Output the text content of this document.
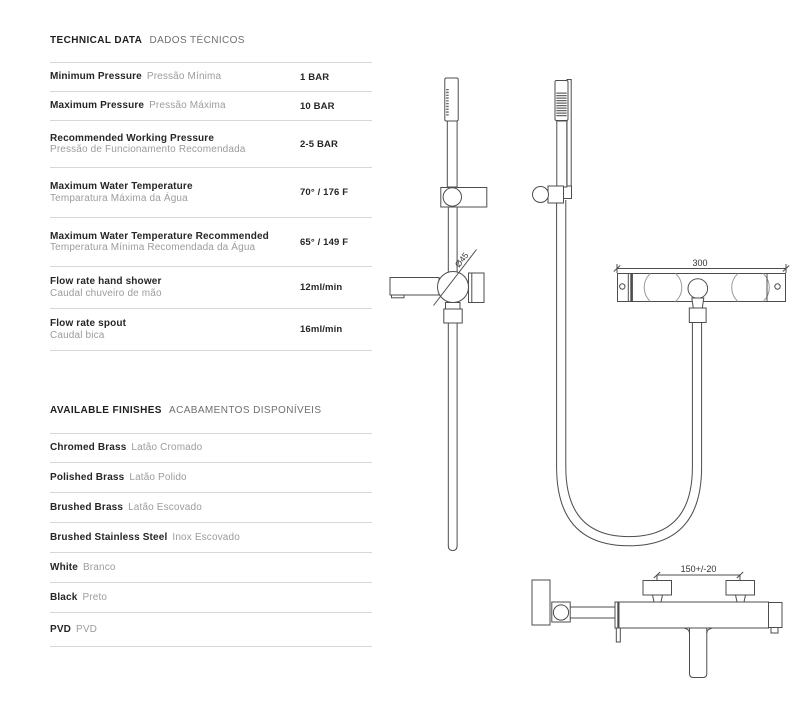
TECHNICAL DATA DADOS TÉCNICOS
Minimum Pressure Pressão Mínima	1 BAR
Maximum Pressure Pressão Máxima	10 BAR
Recommended Working Pressure
Pressão de Funcionamento Recomendada	2-5 BAR
Maximum Water Temperature
Temparatura Máxima da Água	70° / 176 F
Maximum Water Temperature Recommended
Temperatura Mínima Recomendada da Água	65° / 149 F
Flow rate hand shower
Caudal chuveiro de mão	12ml/min
Flow rate spout
Caudal bica	16ml/min
AVAILABLE FINISHES ACABAMENTOS DISPONÍVEIS
Chromed Brass Latão Cromado
Polished Brass Latão Polido
Brushed Brass Latão Escovado
Brushed Stainless Steel Inox Escovado
White Branco
Black Preto
PVD PVD
Ø45	300
150+/-20
